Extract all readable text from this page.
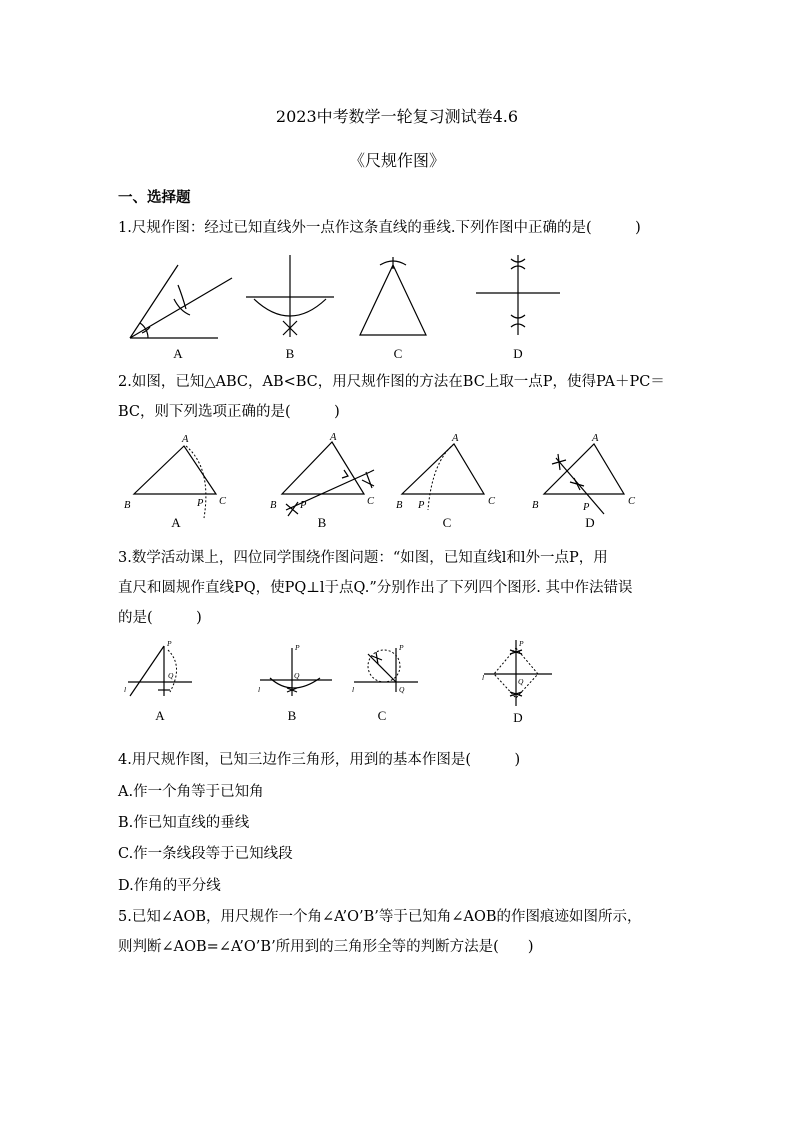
2023中考数学一轮复习测试卷4.6
《尺规作图》
一、选择题
1.尺规作图：经过已知直线外一点作这条直线的垂线.下列作图中正确的是(　　　)
A	B	C	D
2.如图，已知△ABC，AB<BC，用尺规作图的方法在BC上取一点P，使得PA＋PC＝
BC，则下列选项正确的是(　　　)
A
B	C
P
A
A
B	C
P
B
A
B	C
P
C
A
B	C
P
D
3.数学活动课上，四位同学围绕作图问题：“如图，已知直线l和l外一点P，用
直尺和圆规作直线PQ，使PQ⊥l于点Q.”分别作出了下列四个图形. 其中作法错误
的是(　　　)
P
Q
l
A
P
Q
l
B
P
Q
l
C
P
Q
l
D
4.用尺规作图，已知三边作三角形，用到的基本作图是(　　　)
A.作一个角等于已知角
B.作已知直线的垂线
C.作一条线段等于已知线段
D.作角的平分线
5.已知∠AOB，用尺规作一个角∠A’O’B’等于已知角∠AOB的作图痕迹如图所示，
则判断∠AOB=∠A’O’B’所用到的三角形全等的判断方法是(　　)
